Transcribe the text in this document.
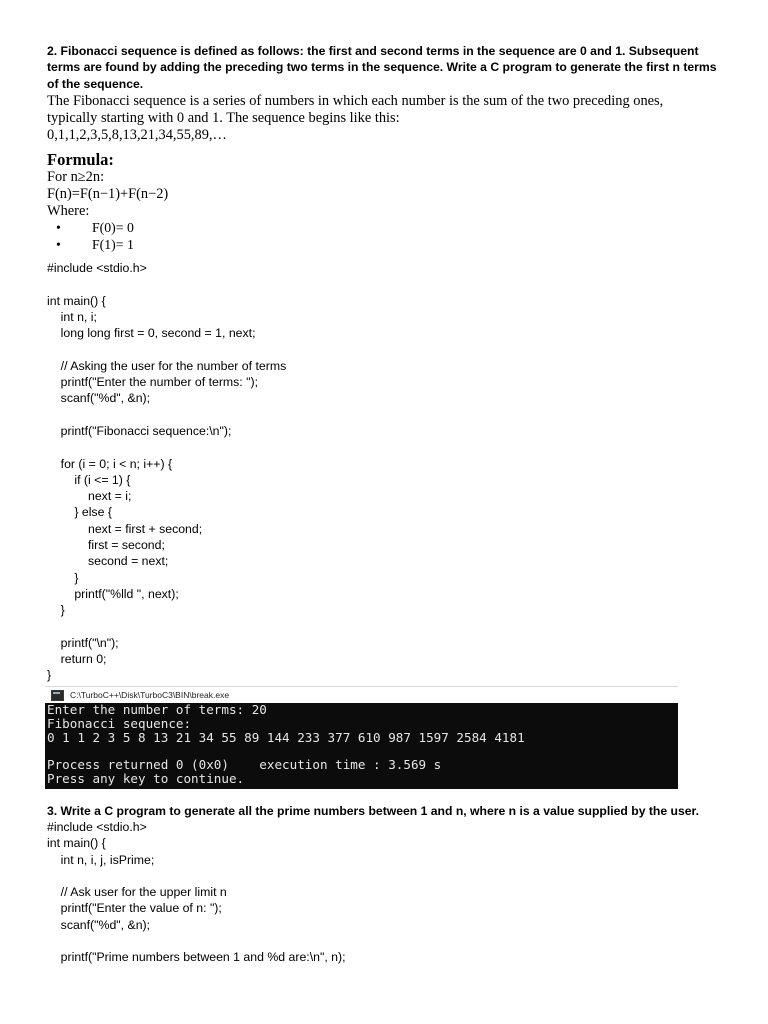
2. Fibonacci sequence is defined as follows: the first and second terms in the sequence are 0 and 1. Subsequent terms are found by adding the preceding two terms in the sequence. Write a C program to generate the first n terms of the sequence.
The Fibonacci sequence is a series of numbers in which each number is the sum of the two preceding ones,
typically starting with 0 and 1. The sequence begins like this:
0,1,1,2,3,5,8,13,21,34,55,89,…
Formula:
For n≥2n:
F(n)=F(n−1)+F(n−2)
Where:
• F(0)= 0
• F(1)= 1
#include <stdio.h>

int main() {
int n, i;
long long first = 0, second = 1, next;

// Asking the user for the number of terms
printf("Enter the number of terms: ");
scanf("%d", &n);

printf("Fibonacci sequence:\n");

for (i = 0; i < n; i++) {
if (i <= 1) {
next = i;
} else {
next = first + second;
first = second;
second = next;
}
printf("%lld ", next);
}

printf("\n");
return 0;
}
C:\TurboC++\Disk\TurboC3\BIN\break.exe
Enter the number of terms: 20
Fibonacci sequence:
0 1 1 2 3 5 8 13 21 34 55 89 144 233 377 610 987 1597 2584 4181

Process returned 0 (0x0)    execution time : 3.569 s
Press any key to continue.
3. Write a C program to generate all the prime numbers between 1 and n, where n is a value supplied by the user.
#include <stdio.h>
int main() {
int n, i, j, isPrime;

// Ask user for the upper limit n
printf("Enter the value of n: ");
scanf("%d", &n);

printf("Prime numbers between 1 and %d are:\n", n);
